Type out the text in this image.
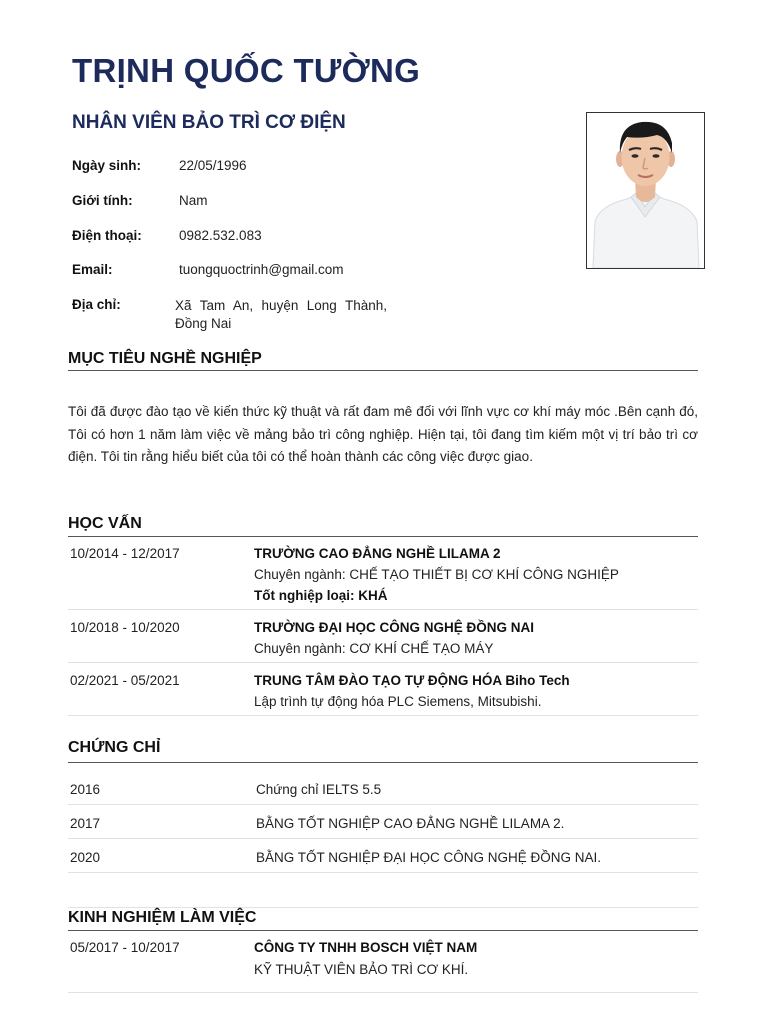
TRỊNH QUỐC TƯỜNG
NHÂN VIÊN BẢO TRÌ CƠ ĐIỆN
Ngày sinh:	22/05/1996
Giới tính:	Nam
Điện thoại:	0982.532.083
Email:	tuongquoctrinh@gmail.com
Địa chỉ:	Xã Tam An, huyện Long Thành, Đồng Nai
MỤC TIÊU NGHỀ NGHIỆP

Tôi đã được đào tạo về kiến thức kỹ thuật và rất đam mê đối với lĩnh vực cơ khí máy móc .Bên cạnh đó, Tôi có hơn 1 năm làm việc về mảng bảo trì công nghiệp. Hiện tại, tôi đang tìm kiếm một vị trí bảo trì cơ điện. Tôi tin rằng hiểu biết của tôi có thể hoàn thành các công việc được giao.

HỌC VẤN
10/2014 - 12/2017	TRƯỜNG CAO ĐẲNG NGHỀ LILAMA 2
Chuyên ngành: CHẾ TẠO THIẾT BỊ CƠ KHÍ CÔNG NGHIỆP
Tốt nghiệp loại: KHÁ
10/2018 - 10/2020	TRƯỜNG ĐẠI HỌC CÔNG NGHỆ ĐỒNG NAI
Chuyên ngành: CƠ KHÍ CHẾ TẠO MÁY
02/2021 - 05/2021	TRUNG TÂM ĐÀO TẠO TỰ ĐỘNG HÓA Biho Tech
Lập trình tự động hóa PLC Siemens, Mitsubishi.
CHỨNG CHỈ
2016	Chứng chỉ IELTS 5.5
2017	BẰNG TỐT NGHIỆP CAO ĐẲNG NGHỀ LILAMA 2.
2020	BẰNG TỐT NGHIỆP ĐẠI HỌC CÔNG NGHỆ ĐỒNG NAI.
KINH NGHIỆM LÀM VIỆC
05/2017 - 10/2017	CÔNG TY TNHH BOSCH VIỆT NAM
KỸ THUẬT VIÊN BẢO TRÌ CƠ KHÍ.
